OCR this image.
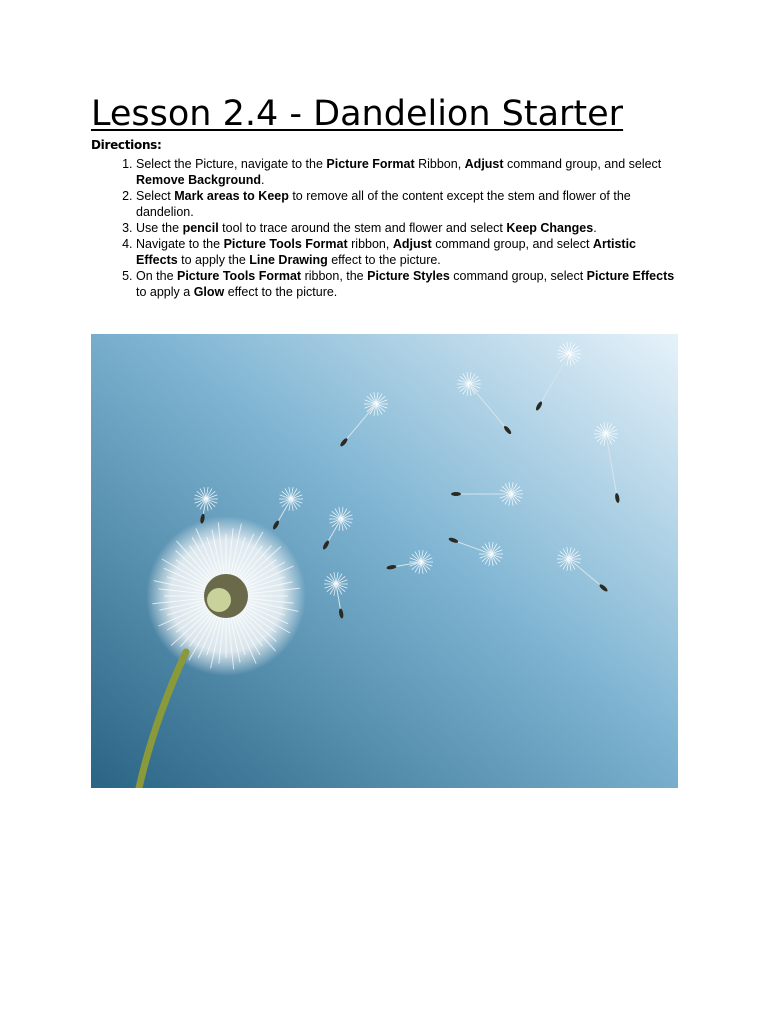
Lesson 2.4 - Dandelion Starter

Directions:

1. Select the Picture, navigate to the Picture Format Ribbon, Adjust command group, and select Remove Background.
2. Select Mark areas to Keep to remove all of the content except the stem and flower of the dandelion.
3. Use the pencil tool to trace around the stem and flower and select Keep Changes.
4. Navigate to the Picture Tools Format ribbon, Adjust command group, and select Artistic Effects to apply the Line Drawing effect to the picture.
5. On the Picture Tools Format ribbon, the Picture Styles command group, select Picture Effects to apply a Glow effect to the picture.
